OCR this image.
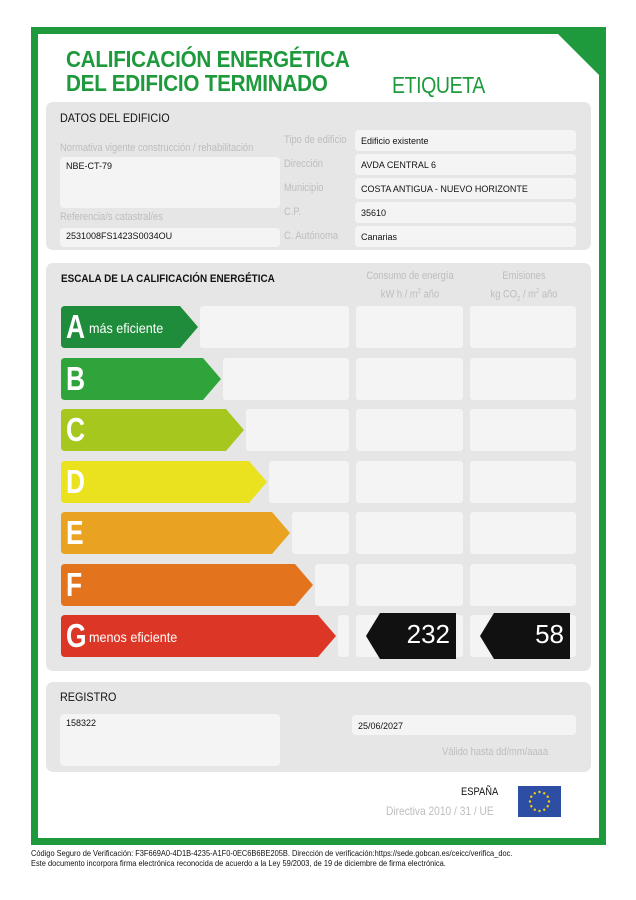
CALIFICACIÓN ENERGÉTICA
DEL EDIFICIO TERMINADO	ETIQUETA
DATOS DEL EDIFICIO
Normativa vigente construcción / rehabilitación
NBE-CT-79
Referencia/s catastral/es
2531008FS1423S0034OU
Tipo de edificio	Edificio existente
Dirección	AVDA CENTRAL 6
Municipio	COSTA ANTIGUA - NUEVO HORIZONTE
C.P.	35610
C. Autónoma	Canarias
ESCALA DE LA CALIFICACIÓN ENERGÉTICA	Consumo de energía
kW h / $m^2$ año
Emisiones
kg $CO_2 / m^2$ año
A más eficiente
B
C
D
E
F
G menos eficiente	232	58
REGISTRO
158322	25/06/2027
Válido hasta dd/mm/aaaa
ESPAÑA
Directiva 2010 / 31 / UE
Código Seguro de Verificación: F3F669A0-4D1B-4235-A1F0-0EC6B6BE205B. Dirección de verificación:https://sede.gobcan.es/ceicc/verifica_doc.
Este documento incorpora firma electrónica reconocida de acuerdo a la Ley 59/2003, de 19 de diciembre de firma electrónica.
